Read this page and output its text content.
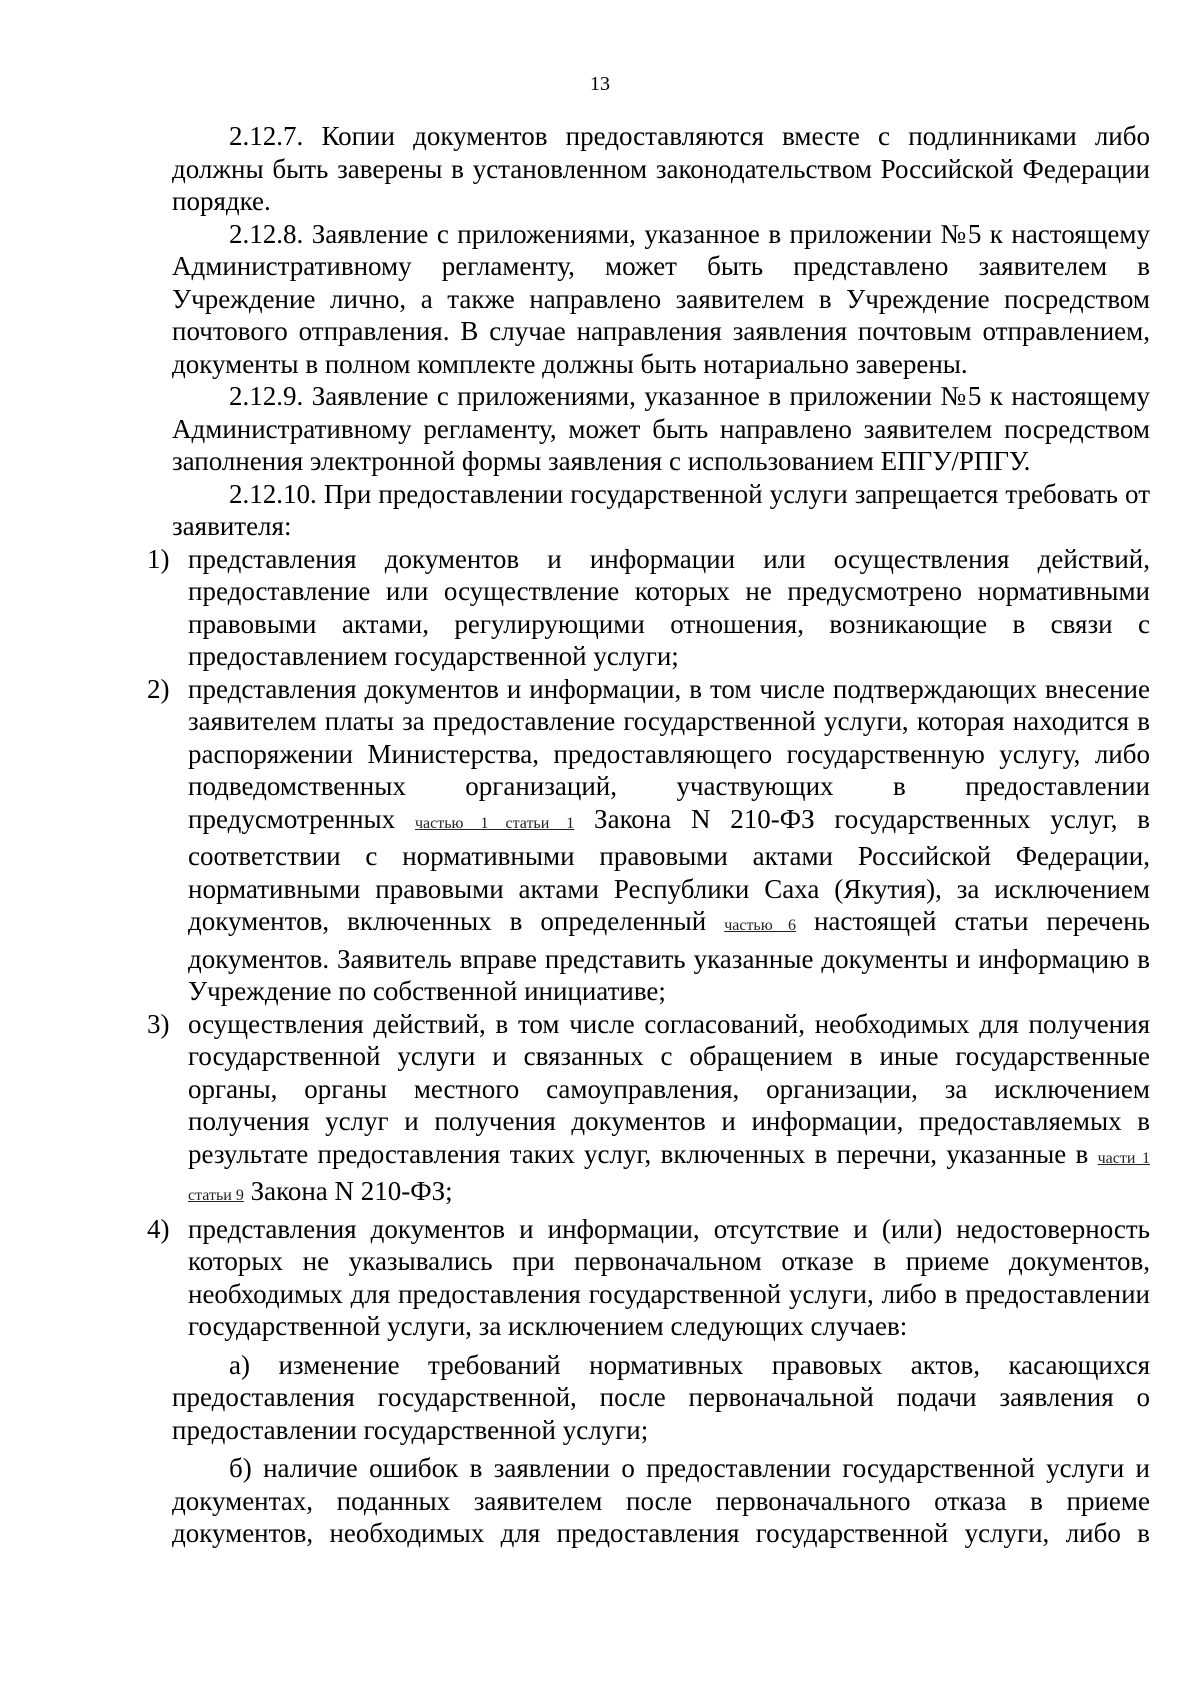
13

2.12.7. Копии документов предоставляются вместе с подлинниками либо должны быть заверены в установленном законодательством Российской Федерации порядке.

2.12.8. Заявление с приложениями, указанное в приложении №5 к настоящему Административному регламенту, может быть представлено заявителем в Учреждение лично, а также направлено заявителем в Учреждение посредством почтового отправления. В случае направления заявления почтовым отправлением, документы в полном комплекте должны быть нотариально заверены.

2.12.9. Заявление с приложениями, указанное в приложении №5 к настоящему Административному регламенту, может быть направлено заявителем посредством заполнения электронной формы заявления с использованием ЕПГУ/РПГУ.

2.12.10. При предоставлении государственной услуги запрещается требовать от заявителя:

1) представления документов и информации или осуществления действий, предоставление или осуществление которых не предусмотрено нормативными правовыми актами, регулирующими отношения, возникающие в связи с предоставлением государственной услуги;
2) представления документов и информации, в том числе подтверждающих внесение заявителем платы за предоставление государственной услуги, которая находится в распоряжении Министерства, предоставляющего государственную услугу, либо подведомственных организаций, участвующих в предоставлении предусмотренных частью 1 статьи 1 Закона N 210-ФЗ государственных услуг, в соответствии с нормативными правовыми актами Российской Федерации, нормативными правовыми актами Республики Саха (Якутия), за исключением документов, включенных в определенный частью 6 настоящей статьи перечень документов. Заявитель вправе представить указанные документы и информацию в Учреждение по собственной инициативе;
3) осуществления действий, в том числе согласований, необходимых для получения государственной услуги и связанных с обращением в иные государственные органы, органы местного самоуправления, организации, за исключением получения услуг и получения документов и информации, предоставляемых в результате предоставления таких услуг, включенных в перечни, указанные в части 1 статьи 9 Закона N 210-ФЗ;
4) представления документов и информации, отсутствие и (или) недостоверность которых не указывались при первоначальном отказе в приеме документов, необходимых для предоставления государственной услуги, либо в предоставлении государственной услуги, за исключением следующих случаев:

а) изменение требований нормативных правовых актов, касающихся предоставления государственной, после первоначальной подачи заявления о предоставлении государственной услуги;

б) наличие ошибок в заявлении о предоставлении государственной услуги и документах, поданных заявителем после первоначального отказа в приеме документов, необходимых для предоставления государственной услуги, либо в
